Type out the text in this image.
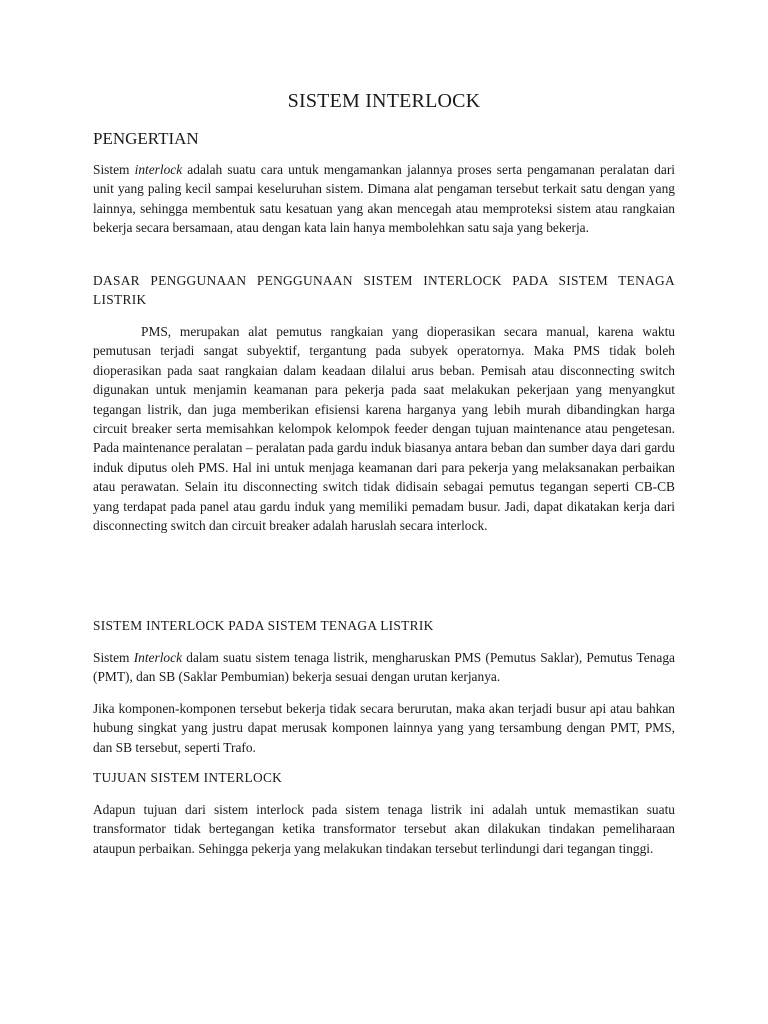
SISTEM INTERLOCK
PENGERTIAN

Sistem interlock adalah suatu cara untuk mengamankan jalannya proses serta pengamanan peralatan dari unit yang paling kecil sampai keseluruhan sistem. Dimana alat pengaman tersebut terkait satu dengan yang lainnya, sehingga membentuk satu kesatuan yang akan mencegah atau memproteksi sistem atau rangkaian bekerja secara bersamaan, atau dengan kata lain hanya membolehkan satu saja yang bekerja.

DASAR PENGGUNAAN PENGGUNAAN SISTEM INTERLOCK PADA SISTEM TENAGA LISTRIK

PMS, merupakan alat pemutus rangkaian yang dioperasikan secara manual, karena waktu pemutusan terjadi sangat subyektif, tergantung pada subyek operatornya. Maka PMS tidak boleh dioperasikan pada saat rangkaian dalam keadaan dilalui arus beban. Pemisah atau disconnecting switch digunakan untuk menjamin keamanan para pekerja pada saat melakukan pekerjaan yang menyangkut tegangan listrik, dan juga memberikan efisiensi karena harganya yang lebih murah dibandingkan harga circuit breaker serta memisahkan kelompok kelompok feeder dengan tujuan maintenance atau pengetesan. Pada maintenance peralatan – peralatan pada gardu induk biasanya antara beban dan sumber daya dari gardu induk diputus oleh PMS. Hal ini untuk menjaga keamanan dari para pekerja yang melaksanakan perbaikan atau perawatan. Selain itu disconnecting switch tidak didisain sebagai pemutus tegangan seperti CB-CB yang terdapat pada panel atau gardu induk yang memiliki pemadam busur. Jadi, dapat dikatakan kerja dari disconnecting switch dan circuit breaker adalah haruslah secara interlock.

SISTEM INTERLOCK PADA SISTEM TENAGA LISTRIK

Sistem Interlock dalam suatu sistem tenaga listrik, mengharuskan PMS (Pemutus Saklar), Pemutus Tenaga (PMT), dan SB (Saklar Pembumian) bekerja sesuai dengan urutan kerjanya.

Jika komponen-komponen tersebut bekerja tidak secara berurutan, maka akan terjadi busur api atau bahkan hubung singkat yang justru dapat merusak komponen lainnya yang yang tersambung dengan PMT, PMS, dan SB tersebut, seperti Trafo.

TUJUAN SISTEM INTERLOCK

Adapun tujuan dari sistem interlock pada sistem tenaga listrik ini adalah untuk memastikan suatu transformator tidak bertegangan ketika transformator tersebut akan dilakukan tindakan pemeliharaan ataupun perbaikan. Sehingga pekerja yang melakukan tindakan tersebut terlindungi dari tegangan tinggi.
